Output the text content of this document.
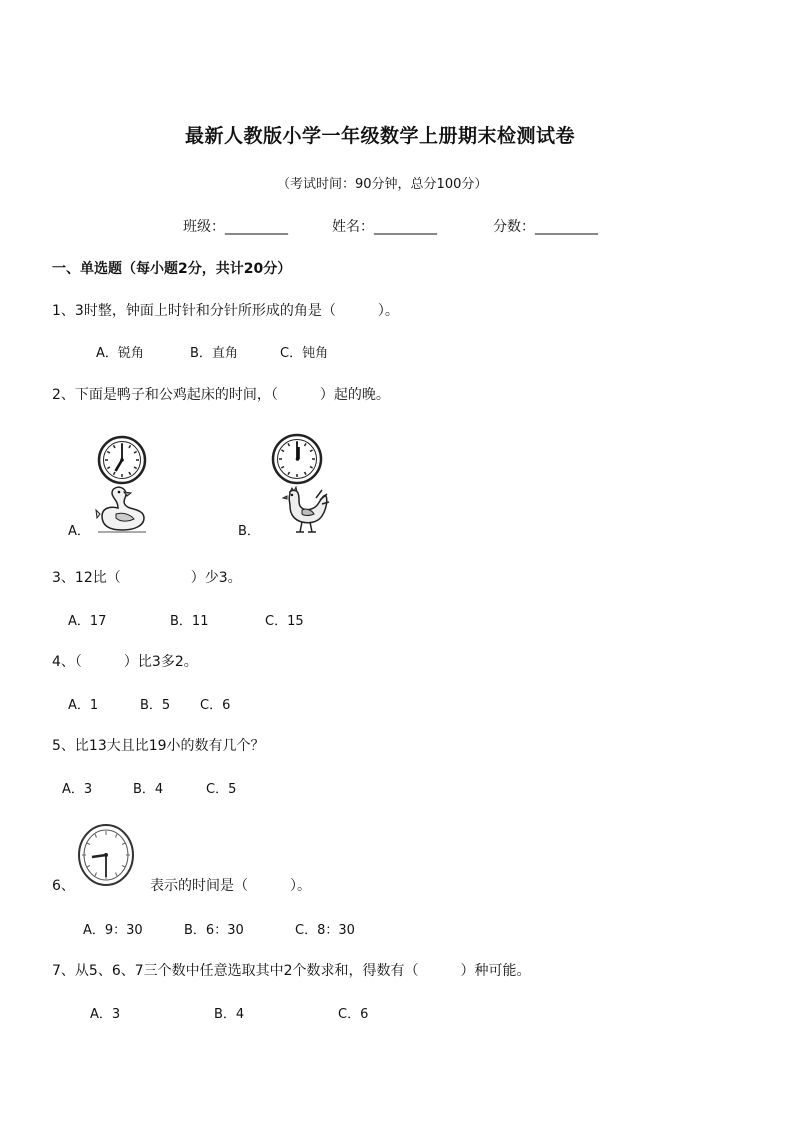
最新人教版小学一年级数学上册期末检测试卷
（考试时间：90分钟，总分100分）
班级：_________	姓名：_________	分数：_________
一、单选题（每小题2分，共计20分）
1、3时整，钟面上时针和分针所形成的角是（　　　）。
A．锐角	B．直角	C．钝角
2、下面是鸭子和公鸡起床的时间，（　　　）起的晚。
A．	B．
3、12比（　　　　　）少3。
A．17	B．11	C．15
4、（　　　）比3多2。
A．1	B．5 C．6
5、比13大且比19小的数有几个？
A．3	B．4	C．5
6、	表示的时间是（　　　）。
A．9：30	B．6：30	C．8：30
7、从5、6、7三个数中任意选取其中2个数求和，得数有（　　　）种可能。
A．3	B．4	C．6
